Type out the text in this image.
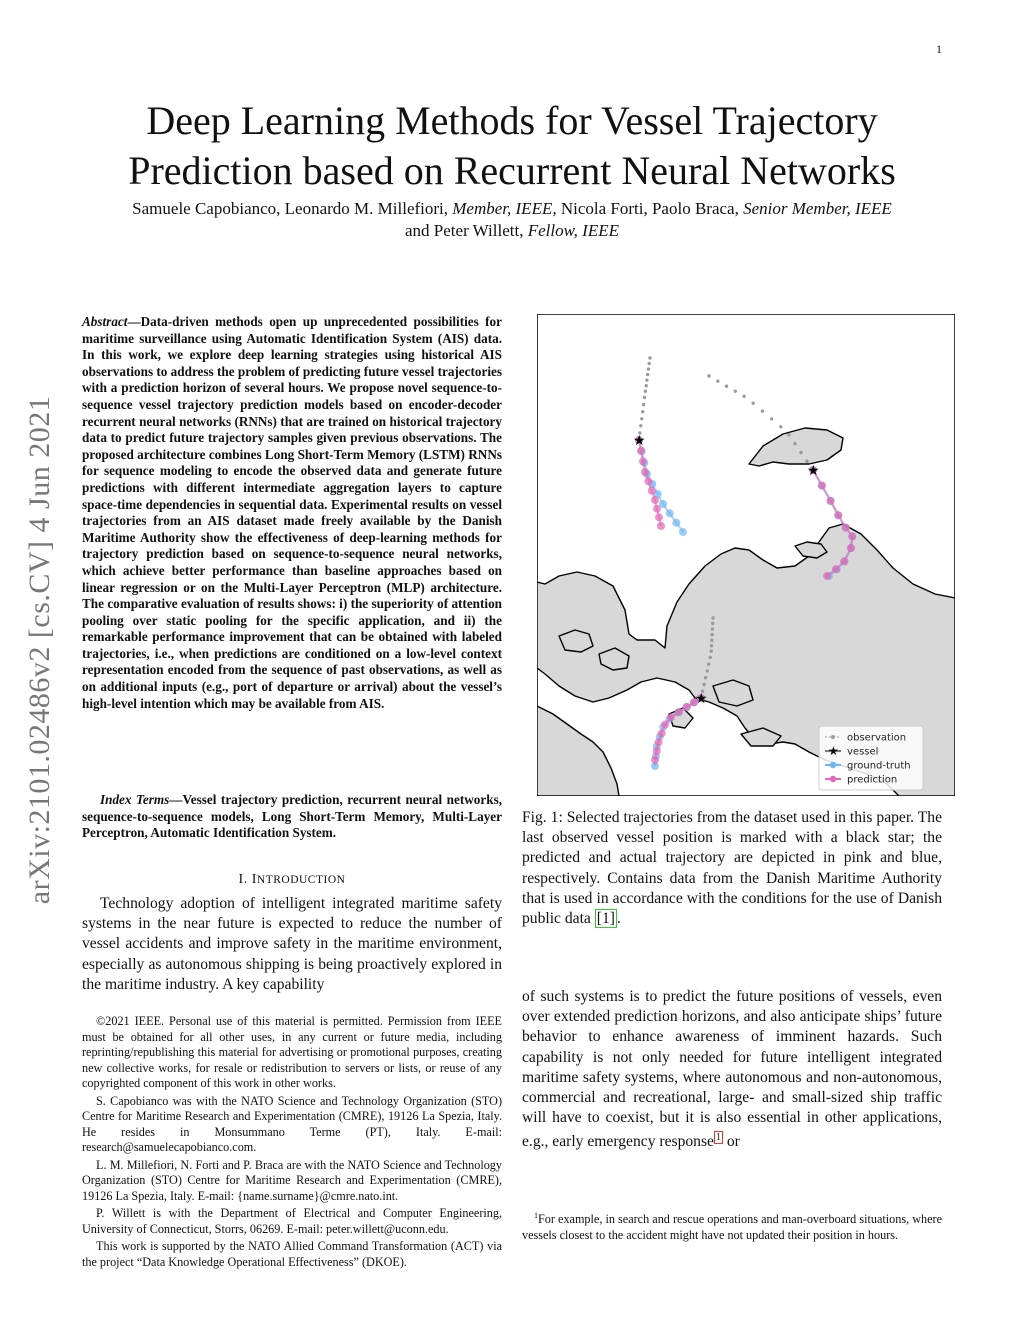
1
arXiv:2101.02486v2 [cs.CV] 4 Jun 2021
Deep Learning Methods for Vessel Trajectory
Prediction based on Recurrent Neural Networks
Samuele Capobianco, Leonardo M. Millefiori, Member, IEEE, Nicola Forti, Paolo Braca, Senior Member, IEEE
and Peter Willett, Fellow, IEEE
Abstract—Data-driven methods open up unprecedented possibilities for maritime surveillance using Automatic Identification System (AIS) data. In this work, we explore deep learning strategies using historical AIS observations to address the problem of predicting future vessel trajectories with a prediction horizon of several hours. We propose novel sequence-to-sequence vessel trajectory prediction models based on encoder-decoder recurrent neural networks (RNNs) that are trained on historical trajectory data to predict future trajectory samples given previous observations. The proposed architecture combines Long Short-Term Memory (LSTM) RNNs for sequence modeling to encode the observed data and generate future predictions with different intermediate aggregation layers to capture space-time dependencies in sequential data. Experimental results on vessel trajectories from an AIS dataset made freely available by the Danish Maritime Authority show the effectiveness of deep-learning methods for trajectory prediction based on sequence-to-sequence neural networks, which achieve better performance than baseline approaches based on linear regression or on the Multi-Layer Perceptron (MLP) architecture. The comparative evaluation of results shows: i) the superiority of attention pooling over static pooling for the specific application, and ii) the remarkable performance improvement that can be obtained with labeled trajectories, i.e., when predictions are conditioned on a low-level context representation encoded from the sequence of past observations, as well as on additional inputs (e.g., port of departure or arrival) about the vessel’s high-level intention which may be available from AIS.
Index Terms—Vessel trajectory prediction, recurrent neural networks, sequence-to-sequence models, Long Short-Term Memory, Multi-Layer Perceptron, Automatic Identification System.
I. INTRODUCTION
Technology adoption of intelligent integrated maritime safety systems in the near future is expected to reduce the number of vessel accidents and improve safety in the maritime environment, especially as autonomous shipping is being proactively explored in the maritime industry. A key capability

©2021 IEEE. Personal use of this material is permitted. Permission from IEEE must be obtained for all other uses, in any current or future media, including reprinting/republishing this material for advertising or promotional purposes, creating new collective works, for resale or redistribution to servers or lists, or reuse of any copyrighted component of this work in other works.

S. Capobianco was with the NATO Science and Technology Organization (STO) Centre for Maritime Research and Experimentation (CMRE), 19126 La Spezia, Italy. He resides in Monsummano Terme (PT), Italy. E-mail: research@samuelecapobianco.com.

L. M. Millefiori, N. Forti and P. Braca are with the NATO Science and Technology Organization (STO) Centre for Maritime Research and Experimentation (CMRE), 19126 La Spezia, Italy. E-mail: {name.surname}@cmre.nato.int.

P. Willett is with the Department of Electrical and Computer Engineering, University of Connecticut, Storrs, 06269. E-mail: peter.willett@uconn.edu.

This work is supported by the NATO Allied Command Transformation (ACT) via the project “Data Knowledge Operational Effectiveness” (DKOE).

★
★
★
observation
★ vessel
ground-truth
prediction
Fig. 1: Selected trajectories from the dataset used in this paper. The last observed vessel position is marked with a black star; the predicted and actual trajectory are depicted in pink and blue, respectively. Contains data from the Danish Maritime Authority that is used in accordance with the conditions for the use of Danish public data [1] .
of such systems is to predict the future positions of vessels, even over extended prediction horizons, and also anticipate ships’ future behavior to enhance awareness of imminent hazards. Such capability is not only needed for future intelligent integrated maritime safety systems, where autonomous and non-autonomous, commercial and recreational, large- and small-sized ship traffic will have to coexist, but it is also essential in other applications, e.g., early emergency response $^1$ or

$^1$For example, in search and rescue operations and man-overboard situations, where vessels closest to the accident might have not updated their position in hours.
